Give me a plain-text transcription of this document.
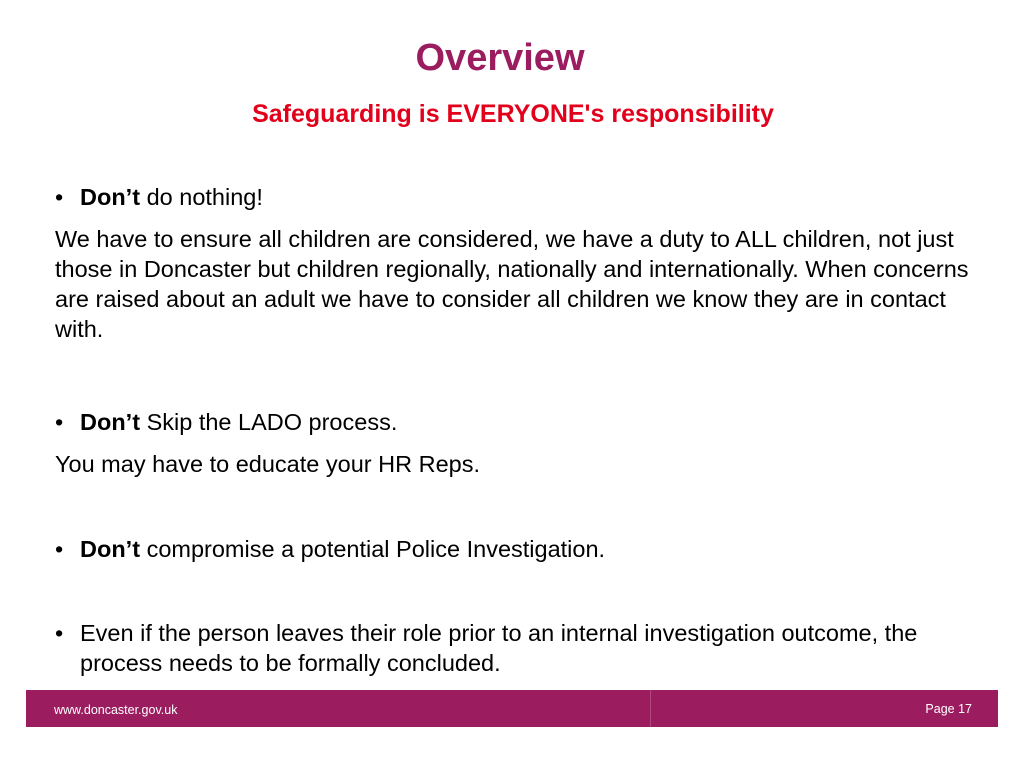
Overview
Safeguarding is EVERYONE's responsibility

• Don’t do nothing!

We have to ensure all children are considered, we have a duty to ALL children, not just those in Doncaster but children regionally, nationally and internationally. When concerns are raised about an adult we have to consider all children we know they are in contact with.

• Don’t Skip the LADO process.

You may have to educate your HR Reps.

• Don’t compromise a potential Police Investigation.

• Even if the person leaves their role prior to an internal investigation outcome, the process needs to be formally concluded.

www.doncaster.gov.uk	Page 17
